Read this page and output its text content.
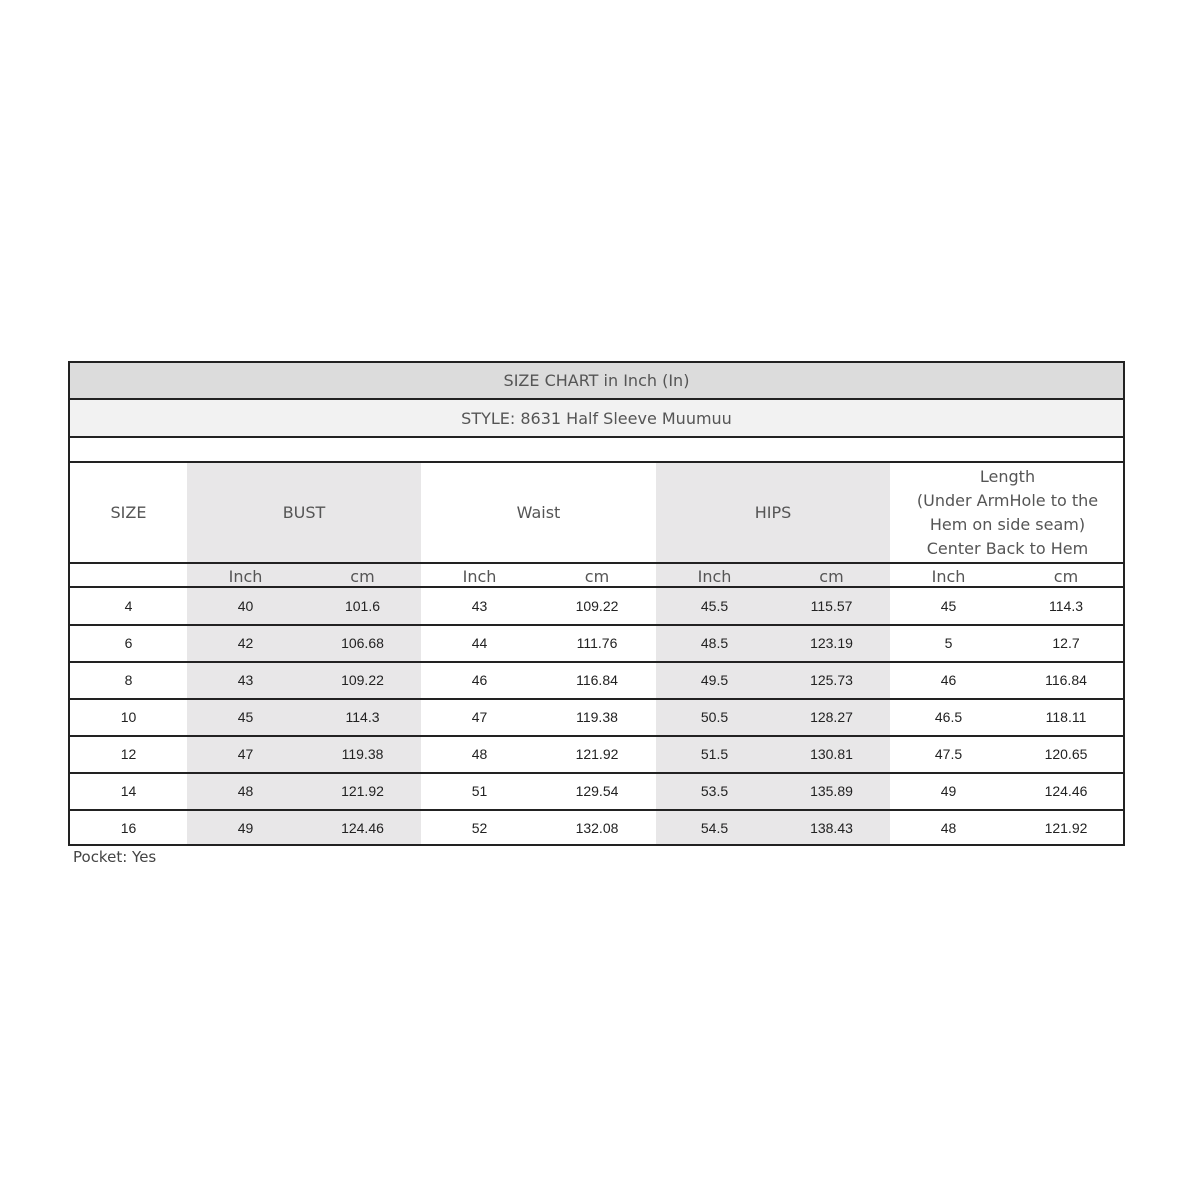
SIZE CHART in Inch (In)
STYLE: 8631 Half Sleeve Muumuu
SIZE	BUST	Waist	HIPS
Length
(Under ArmHole to the
Hem on side seam)
Center Back to Hem
Inch	cm	Inch	cm	Inch	cm	Inch	cm
4	40	101.6	43	109.22	45.5	115.57	45	114.3
6	42	106.68	44	111.76	48.5	123.19	5	12.7
8	43	109.22	46	116.84	49.5	125.73	46	116.84
10	45	114.3	47	119.38	50.5	128.27	46.5	118.11
12	47	119.38	48	121.92	51.5	130.81	47.5	120.65
14	48	121.92	51	129.54	53.5	135.89	49	124.46
16	49	124.46	52	132.08	54.5	138.43	48	121.92
Pocket: Yes
